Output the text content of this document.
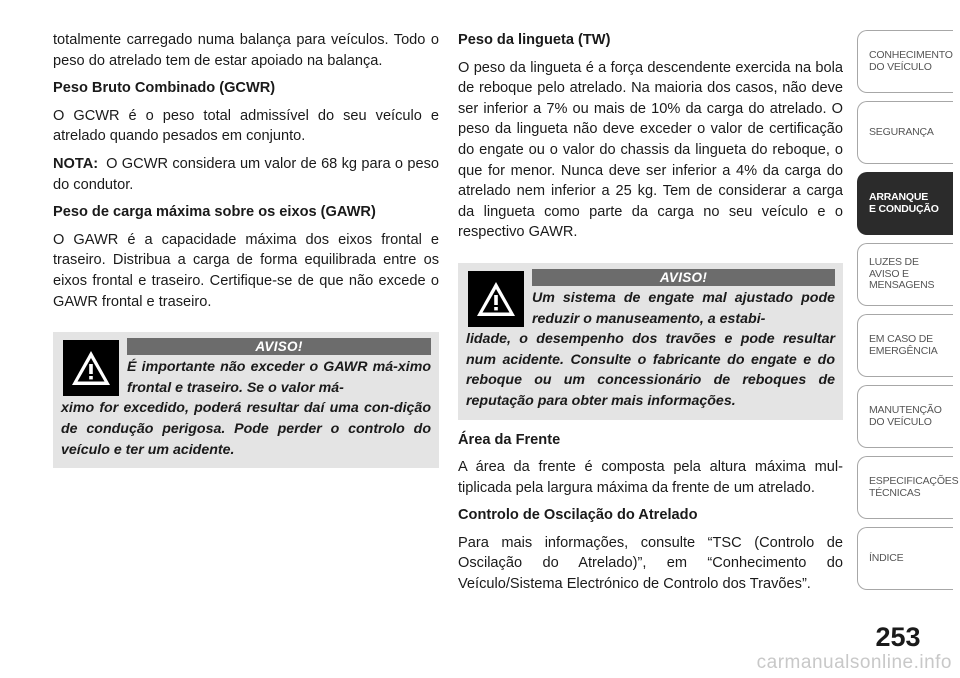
totalmente carregado numa balança para veículos. Todo o peso do atrelado tem de estar apoiado na balança.

Peso Bruto Combinado (GCWR)

O GCWR é o peso total admissível do seu veículo e atrelado quando pesados em conjunto.

NOTA: O GCWR considera um valor de 68 kg para o peso do condutor.

Peso de carga máxima sobre os eixos (GAWR)

O GAWR é a capacidade máxima dos eixos frontal e traseiro. Distribua a carga de forma equilibrada entre os eixos frontal e traseiro. Certifique-se de que não excede o GAWR frontal e traseiro.

AVISO!
É importante não exceder o GAWR má-ximo frontal e traseiro. Se o valor má-
ximo for excedido, poderá resultar daí uma con-dição de condução perigosa. Pode perder o controlo do veículo e ter um acidente.

Peso da lingueta (TW)

O peso da lingueta é a força descendente exercida na bola de reboque pelo atrelado. Na maioria dos casos, não deve ser inferior a 7% ou mais de 10% da carga do atrelado. O peso da lingueta não deve exceder o valor de certificação do engate ou o valor do chassis da lingueta do reboque, o que for menor. Nunca deve ser inferior a 4% da carga do atrelado nem inferior a 25 kg. Tem de considerar a carga da lingueta como parte da carga no seu veículo e o respectivo GAWR.

AVISO!
Um sistema de engate mal ajustado pode reduzir o manuseamento, a estabi-
lidade, o desempenho dos travões e pode resultar num acidente. Consulte o fabricante do engate e do reboque ou um concessionário de reboques de reputação para obter mais informações.

Área da Frente

A área da frente é composta pela altura máxima mul-tiplicada pela largura máxima da frente de um atrelado.

Controlo de Oscilação do Atrelado

Para mais informações, consulte “TSC (Controlo de Oscilação do Atrelado)”, em “Conhecimento do Veículo/Sistema Electrónico de Controlo dos Travões”.

CONHECIMENTO
DO VEÍCULO
SEGURANÇA
ARRANQUE
E CONDUÇÃO
LUZES DE
AVISO E
MENSAGENS
EM CASO DE
EMERGÊNCIA
MANUTENÇÃO
DO VEÍCULO
ESPECIFICAÇÕES
TÉCNICAS
ÍNDICE
253
carmanualsonline.info
